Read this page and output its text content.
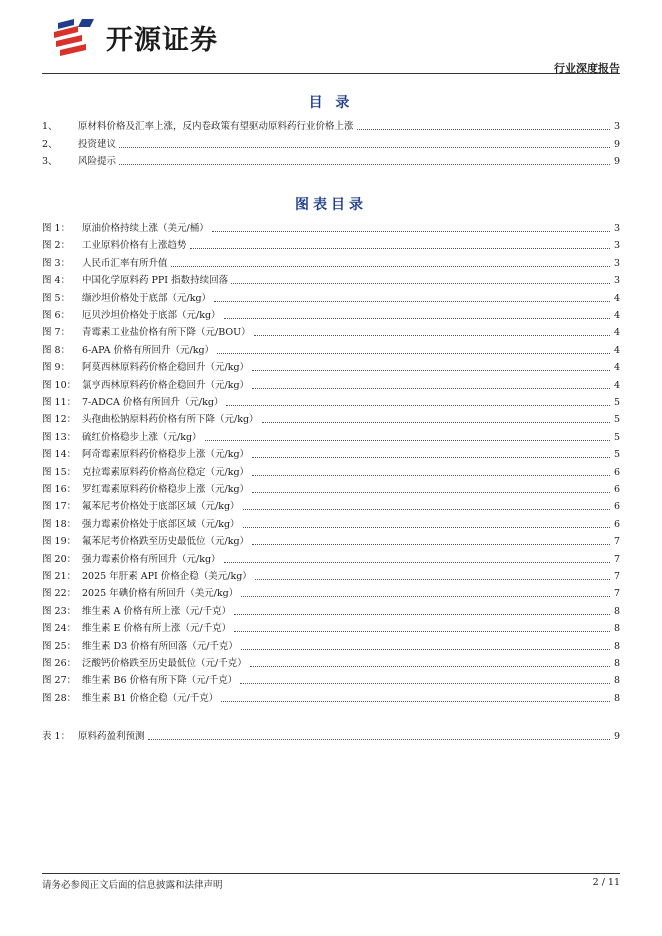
开源证券
行业深度报告
目 录
1、	原材料价格及汇率上涨，反内卷政策有望驱动原料药行业价格上涨	3
2、	投资建议	9
3、	风险提示	9
图表目录
图 1：	原油价格持续上涨（美元/桶）	3
图 2：	工业原料价格有上涨趋势	3
图 3：	人民币汇率有所升值	3
图 4：	中国化学原料药 PPI 指数持续回落	3
图 5：	缬沙坦价格处于底部（元/kg）	4
图 6：	厄贝沙坦价格处于底部（元/kg）	4
图 7：	青霉素工业盐价格有所下降（元/BOU）	4
图 8：	6-APA 价格有所回升（元/kg）	4
图 9：	阿莫西林原料药价格企稳回升（元/kg）	4
图 10： 氯亨西林原料药价格企稳回升（元/kg）	4
图 11： 7-ADCA 价格有所回升（元/kg）	5
图 12： 头孢曲松钠原料药价格有所下降（元/kg）	5
图 13： 硫红价格稳步上涨（元/kg）	5
图 14： 阿奇霉素原料药价格稳步上涨（元/kg）	5
图 15： 克拉霉素原料药价格高位稳定（元/kg）	6
图 16： 罗红霉素原料药价格稳步上涨（元/kg）	6
图 17： 氟苯尼考价格处于底部区域（元/kg）	6
图 18： 强力霉素价格处于底部区域（元/kg）	6
图 19： 氟苯尼考价格跌至历史最低位（元/kg）	7
图 20： 强力霉素价格有所回升（元/kg）	7
图 21： 2025 年肝素 API 价格企稳（美元/kg）	7
图 22： 2025 年碘价格有所回升（美元/kg）	7
图 23： 维生素 A 价格有所上涨（元/千克）	8
图 24： 维生素 E 价格有所上涨（元/千克）	8
图 25： 维生素 D3 价格有所回落（元/千克）	8
图 26： 泛酸钙价格跌至历史最低位（元/千克）	8
图 27： 维生素 B6 价格有所下降（元/千克）	8
图 28： 维生素 B1 价格企稳（元/千克）	8
表 1： 原料药盈利预测	9
请务必参阅正文后面的信息披露和法律声明	2 / 11
